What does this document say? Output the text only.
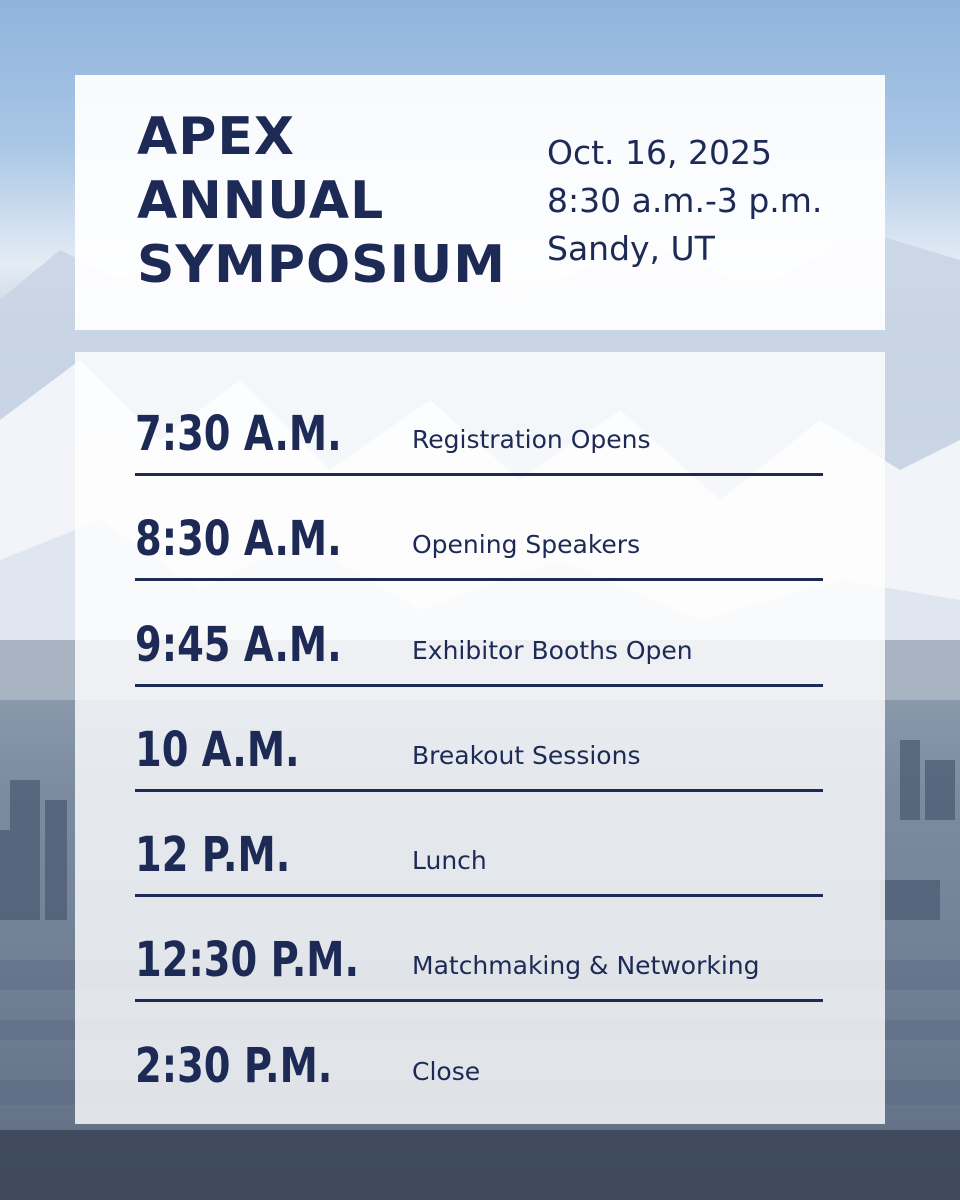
APEX
ANNUAL
SYMPOSIUM
Oct. 16, 2025
8:30 a.m.-3 p.m.
Sandy, UT
7:30 A.M.	Registration Opens
8:30 A.M.	Opening Speakers
9:45 A.M.	Exhibitor Booths Open
10 A.M.	Breakout Sessions
12 P.M.	Lunch
12:30 P.M. Matchmaking & Networking
2:30 P.M.	Close
